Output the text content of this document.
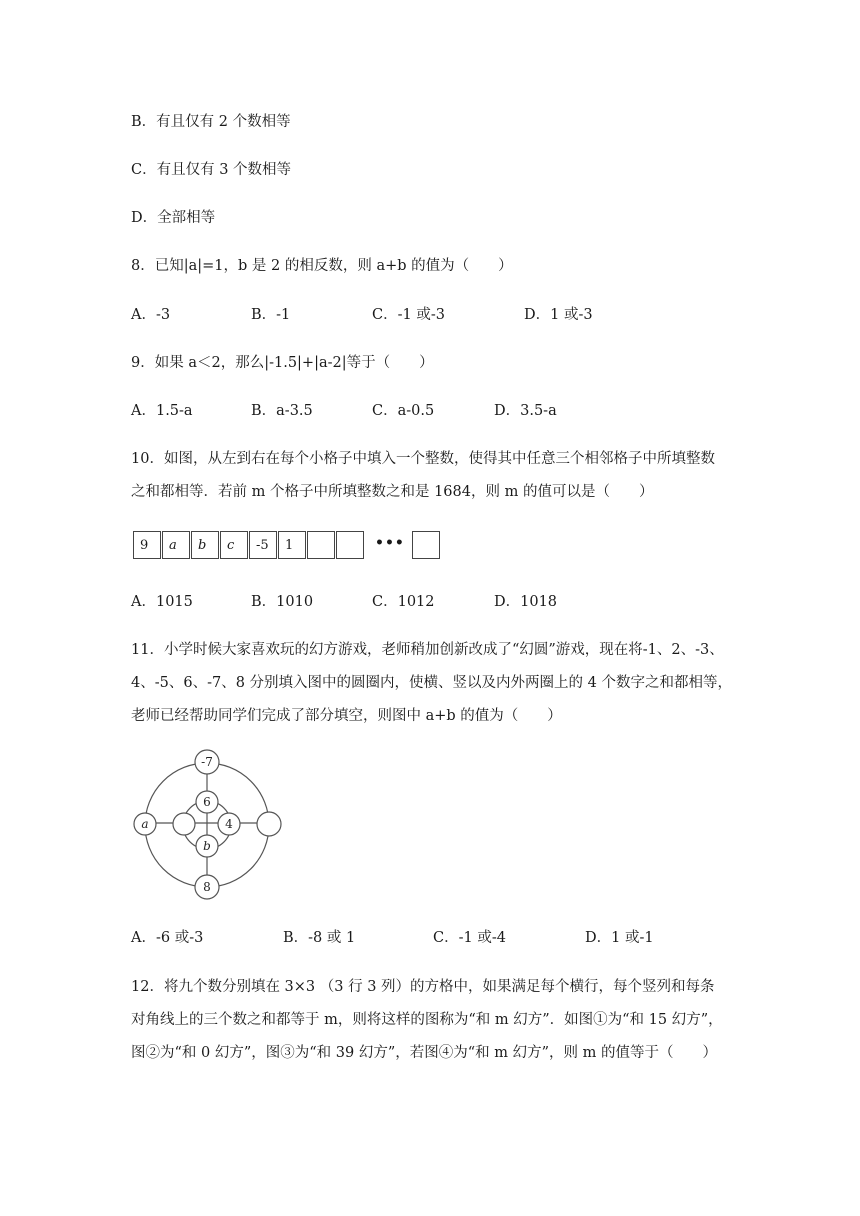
B．有且仅有 2 个数相等
C．有且仅有 3 个数相等
D．全部相等
8．已知|a|=1，b 是 2 的相反数，则 a+b 的值为（　　）
A．-3	B．-1	C．-1 或-3	D．1 或-3
9．如果 a＜2，那么|-1.5|+|a-2|等于（　　）
A．1.5-a	B．a-3.5	C．a-0.5	D．3.5-a
10．如图，从左到右在每个小格子中填入一个整数，使得其中任意三个相邻格子中所填整数
之和都相等．若前 m 个格子中所填整数之和是 1684，则 m 的值可以是（　　）
9	a	b	c	-5	1	•••
A．1015	B．1010	C．1012	D．1018
11．小学时候大家喜欢玩的幻方游戏，老师稍加创新改成了“幻圆”游戏，现在将-1、2、-3、
4、-5、6、-7、8 分别填入图中的圆圈内，使横、竖以及内外两圈上的 4 个数字之和都相等，
老师已经帮助同学们完成了部分填空，则图中 a+b 的值为（　　）
-7
6
4
b
a
8
A．-6 或-3	B．-8 或 1	C．-1 或-4	D．1 或-1
12．将九个数分别填在 3×3 （3 行 3 列）的方格中，如果满足每个横行，每个竖列和每条
对角线上的三个数之和都等于 m，则将这样的图称为“和 m 幻方”．如图①为“和 15 幻方”，
图②为“和 0 幻方”，图③为“和 39 幻方”，若图④为“和 m 幻方”，则 m 的值等于（　　）
